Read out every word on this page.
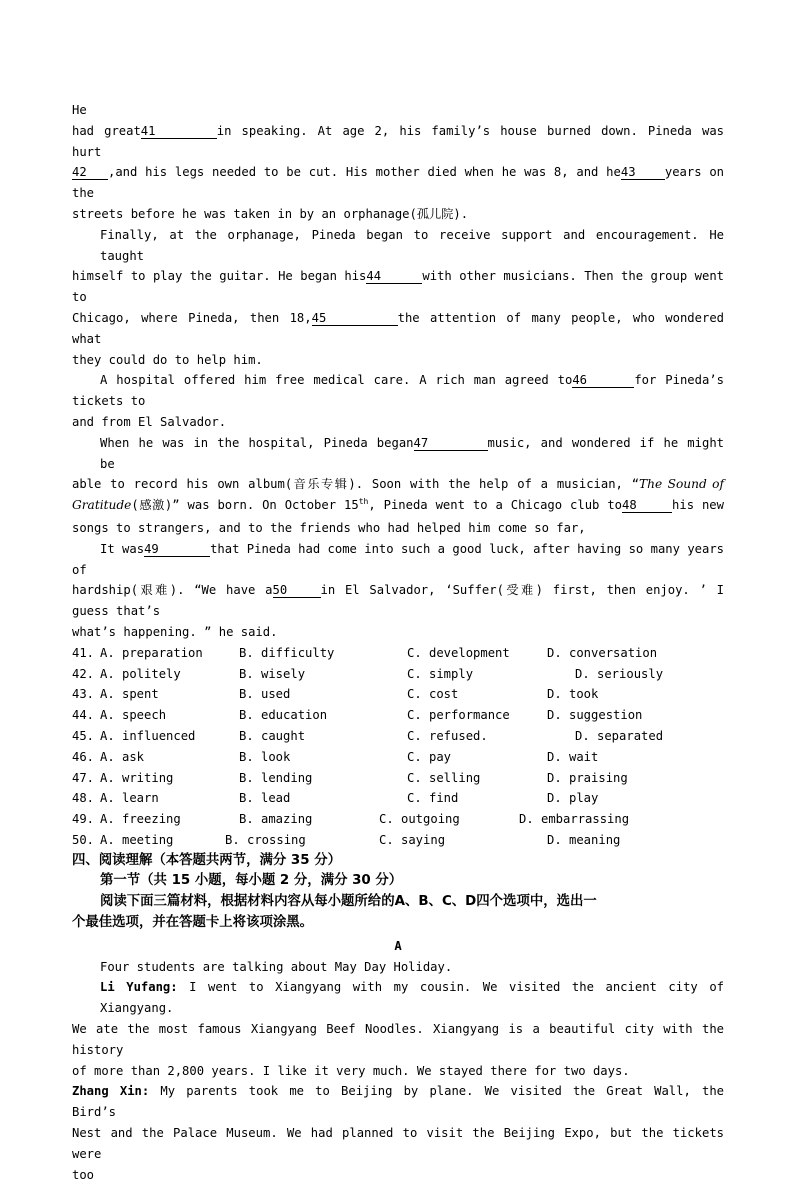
He
had great41	in speaking. At age 2, his family’s house burned down. Pineda was hurt
42 ,and his legs needed to be cut. His mother died when he was 8, and he43 years on the
streets before he was taken in by an orphanage(孤儿院).
Finally, at the orphanage, Pineda began to receive support and encouragement. He taught
himself to play the guitar. He began his44	with other musicians. Then the group went to
Chicago, where Pineda, then 18,45	the attention of many people, who wondered what
they could do to help him.
A hospital offered him free medical care. A rich man agreed to46	for Pineda’s
tickets to
and from El Salvador.
When he was in the hospital, Pineda began47	music, and wondered if he might be
able to record his own album(音乐专辑). Soon with the help of a musician, “The Sound of
Gratitude(感激)” was born. On October 15th, Pineda went to a Chicago club to48	his new
songs to strangers, and to the friends who had helped him come so far,
It was49	that Pineda had come into such a good luck, after having so many years
of
hardship(艰难). “We have a50	in El Salvador, ‘Suffer(受难) first, then enjoy. ’ I
guess that’s
what’s happening. ” he said.
41. A. preparation	B. difficulty	C. development	D. conversation
42. A. politely	B. wisely	C. simply	D. seriously
43. A. spent	B. used	C. cost	D. took
44. A. speech	B. education	C. performance	D. suggestion
45. A. influenced	B. caught	C. refused.	D. separated
46. A. ask	B. look	C. pay	D. wait
47. A. writing	B. lending	C. selling	D. praising
48. A. learn	B. lead	C. find	D. play
49. A. freezing	B. amazing	C. outgoing	D. embarrassing
50. A. meeting	B. crossing	C. saying	D. meaning
四、阅读理解（本答题共两节，满分 35 分）
第一节（共 15 小题，每小题 2 分，满分 30 分）
阅读下面三篇材料，根据材料内容从每小题所给的A、B、C、D四个选项中，选出一
个最佳选项，并在答题卡上将该项涂黑。
A
Four students are talking about May Day Holiday.
Li Yufang: I went to Xiangyang with my cousin. We visited the ancient city of Xiangyang.
We ate the most famous Xiangyang Beef Noodles. Xiangyang is a beautiful city with the
history
of more than 2,800 years. I like it very much. We stayed there for two days.
Zhang Xin: My parents took me to Beijing by plane. We visited the Great Wall, the
Bird’s
Nest and the Palace Museum. We had planned to visit the Beijing Expo, but the tickets were
too
